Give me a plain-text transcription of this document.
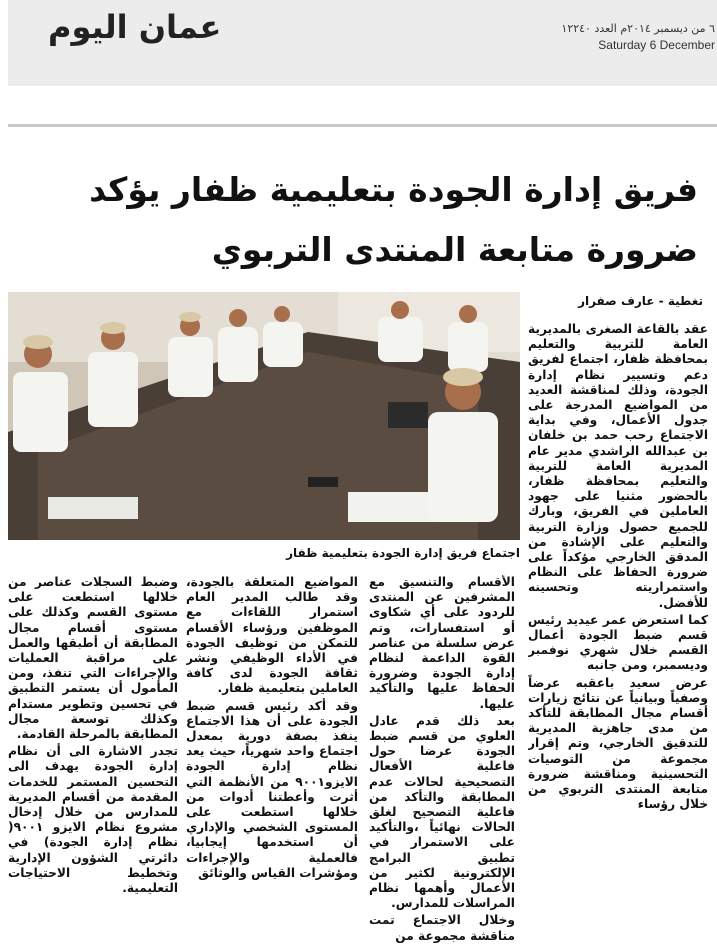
عمان اليوم	٦ من ديسمبر ٢٠١٤م العدد ١٢٢٤٠
Saturday 6 December
فريق إدارة الجودة بتعليمية ظفار يؤكد ضرورة متابعة المنتدى التربوي
تغطية - عارف صفرار
اجتماع فريق إدارة الجودة بتعليمية ظفار

عقد بالقاعة الصغرى بالمديرية العامة للتربية والتعليم بمحافظة ظفار، اجتماع لفريق دعم وتسيير نظام إدارة الجودة، وذلك لمناقشة العديد من المواضيع المدرجة على جدول الأعمال، وفي بداية الاجتماع رحب حمد بن خلفان بن عبدالله الراشدي مدير عام المديرية العامة للتربية والتعليم بمحافظة ظفار، بالحضور مثنيا على جهود العاملين في الفريق، وبارك للجميع حصول وزارة التربية والتعليم على الإشادة من المدقق الخارجي مؤكداً على ضرورة الحفاظ على النظام واستمراريته وتحسينه للأفضل.

كما استعرض عمر عيديد رئيس قسم ضبط الجودة أعمال القسم خلال شهري نوفمبر وديسمبر، ومن جانبه

عرض سعيد باعقبه عرضاً وصفياً وبيانياً عن نتائج زيارات أقسام مجال المطابقة للتأكد من مدى جاهزية المديرية للتدقيق الخارجي، وتم إقرار مجموعة من التوصيات التحسينية ومناقشة ضرورة متابعة المنتدى التربوي من خلال رؤساء

الأقسام والتنسيق مع المشرفين عن المنتدى للردود على أي شكاوى أو استفسارات، وتم عرض سلسلة من عناصر القوة الداعمة لنظام إدارة الجودة وضرورة الحفاظ عليها والتأكيد عليها.

بعد ذلك قدم عادل العلوي من قسم ضبط الجودة عرضا حول فاعلية الأفعال التصحيحية لحالات عدم المطابقة والتأكد من فاعلية التصحيح لغلق الحالات نهائياً ،والتأكيد على الاستمرار في تطبيق البرامج الإلكترونية لكثير من الأعمال وأهمها نظام المراسلات للمدارس.

وخلال الاجتماع تمت مناقشة مجموعة من

المواضيع المتعلقة بالجودة، وقد طالب المدير العام استمرار اللقاءات مع الموظفين ورؤساء الأقسام للتمكن من توظيف الجودة في الأداء الوظيفي ونشر ثقافة الجودة لدى كافة العاملين بتعليمية ظفار.

وقد أكد رئيس قسم ضبط الجودة على أن هذا الاجتماع ينفذ بصفة دورية بمعدل اجتماع واحد شهرياً، حيث يعد نظام إدارة الجودة الايزو٩٠٠١ من الأنظمة التي أثرت وأعطتنا أدوات من خلالها استطعت على المستوى الشخصي والإداري أن استخدمها إيجابيا، فالعملية والإجراءات ومؤشرات القياس والوثائق

وضبط السجلات عناصر من خلالها استطعت على مستوى القسم وكذلك على مستوى أقسام مجال المطابقة أن أطبقها والعمل على مراقبة العمليات والإجراءات التي تنفذ، ومن المأمول أن يستمر التطبيق في تحسين وتطوير مستدام وكذلك توسعة مجال المطابقة بالمرحلة القادمة.

تجدر الاشارة الى أن نظام إدارة الجودة يهدف الى التحسين المستمر للخدمات المقدمة من أقسام المديرية للمدارس من خلال إدخال مشروع نظام الايزو ٩٠٠١( نظام إدارة الجودة) في دائرتي الشؤون الإدارية وتخطيط الاحتياجات التعليمية.
